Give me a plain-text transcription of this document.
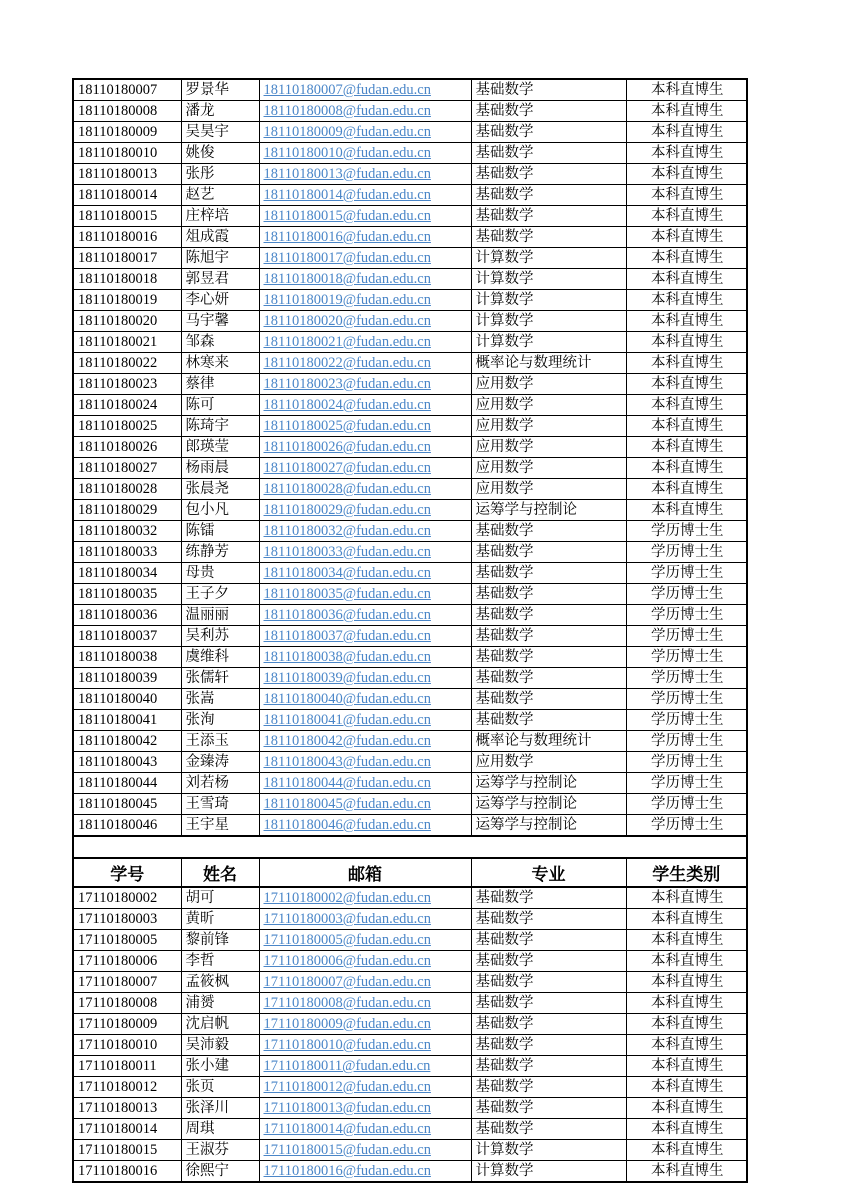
18110180007	罗景华	18110180007@fudan.edu.cn	基础数学	本科直博生
18110180008	潘龙	18110180008@fudan.edu.cn	基础数学	本科直博生
18110180009	吴昊宇	18110180009@fudan.edu.cn	基础数学	本科直博生
18110180010	姚俊	18110180010@fudan.edu.cn	基础数学	本科直博生
18110180013	张彤	18110180013@fudan.edu.cn	基础数学	本科直博生
18110180014	赵艺	18110180014@fudan.edu.cn	基础数学	本科直博生
18110180015	庄梓培	18110180015@fudan.edu.cn	基础数学	本科直博生
18110180016	俎成霞	18110180016@fudan.edu.cn	基础数学	本科直博生
18110180017	陈旭宇	18110180017@fudan.edu.cn	计算数学	本科直博生
18110180018	郭昱君	18110180018@fudan.edu.cn	计算数学	本科直博生
18110180019	李心妍	18110180019@fudan.edu.cn	计算数学	本科直博生
18110180020	马宇馨	18110180020@fudan.edu.cn	计算数学	本科直博生
18110180021	邹森	18110180021@fudan.edu.cn	计算数学	本科直博生
18110180022	林寒来	18110180022@fudan.edu.cn	概率论与数理统计	本科直博生
18110180023	蔡律	18110180023@fudan.edu.cn	应用数学	本科直博生
18110180024	陈可	18110180024@fudan.edu.cn	应用数学	本科直博生
18110180025	陈琦宇	18110180025@fudan.edu.cn	应用数学	本科直博生
18110180026	郎瑛莹	18110180026@fudan.edu.cn	应用数学	本科直博生
18110180027	杨雨晨	18110180027@fudan.edu.cn	应用数学	本科直博生
18110180028	张晨尧	18110180028@fudan.edu.cn	应用数学	本科直博生
18110180029	包小凡	18110180029@fudan.edu.cn	运筹学与控制论	本科直博生
18110180032	陈镭	18110180032@fudan.edu.cn	基础数学	学历博士生
18110180033	练静芳	18110180033@fudan.edu.cn	基础数学	学历博士生
18110180034	母贵	18110180034@fudan.edu.cn	基础数学	学历博士生
18110180035	王子夕	18110180035@fudan.edu.cn	基础数学	学历博士生
18110180036	温丽丽	18110180036@fudan.edu.cn	基础数学	学历博士生
18110180037	吴利苏	18110180037@fudan.edu.cn	基础数学	学历博士生
18110180038	虞维科	18110180038@fudan.edu.cn	基础数学	学历博士生
18110180039	张儒轩	18110180039@fudan.edu.cn	基础数学	学历博士生
18110180040	张嵩	18110180040@fudan.edu.cn	基础数学	学历博士生
18110180041	张洵	18110180041@fudan.edu.cn	基础数学	学历博士生
18110180042	王添玉	18110180042@fudan.edu.cn	概率论与数理统计	学历博士生
18110180043	金臻涛	18110180043@fudan.edu.cn	应用数学	学历博士生
18110180044	刘若杨	18110180044@fudan.edu.cn	运筹学与控制论	学历博士生
18110180045	王雪琦	18110180045@fudan.edu.cn	运筹学与控制论	学历博士生
18110180046	王宇星	18110180046@fudan.edu.cn	运筹学与控制论	学历博士生

学号	姓名	邮箱	专业	学生类别
17110180002	胡可	17110180002@fudan.edu.cn	基础数学	本科直博生
17110180003	黄昕	17110180003@fudan.edu.cn	基础数学	本科直博生
17110180005	黎前锋	17110180005@fudan.edu.cn	基础数学	本科直博生
17110180006	李哲	17110180006@fudan.edu.cn	基础数学	本科直博生
17110180007	孟筱枫	17110180007@fudan.edu.cn	基础数学	本科直博生
17110180008	浦赟	17110180008@fudan.edu.cn	基础数学	本科直博生
17110180009	沈启帆	17110180009@fudan.edu.cn	基础数学	本科直博生
17110180010	吴沛毅	17110180010@fudan.edu.cn	基础数学	本科直博生
17110180011	张小建	17110180011@fudan.edu.cn	基础数学	本科直博生
17110180012	张页	17110180012@fudan.edu.cn	基础数学	本科直博生
17110180013	张泽川	17110180013@fudan.edu.cn	基础数学	本科直博生
17110180014	周琪	17110180014@fudan.edu.cn	基础数学	本科直博生
17110180015	王淑芬	17110180015@fudan.edu.cn	计算数学	本科直博生
17110180016	徐熙宁	17110180016@fudan.edu.cn	计算数学	本科直博生
